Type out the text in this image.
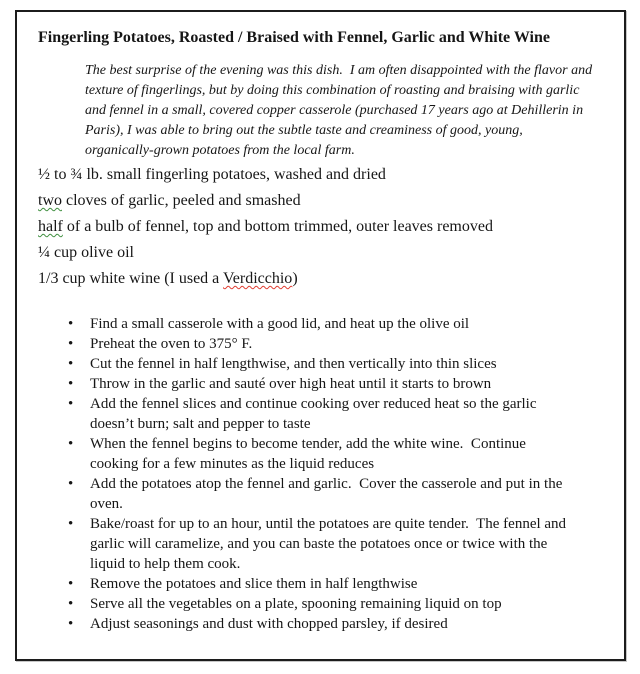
Fingerling Potatoes, Roasted / Braised with Fennel, Garlic and White Wine

The best surprise of the evening was this dish.  I am often disappointed with the flavor and texture of fingerlings, but by doing this combination of roasting and braising with garlic and fennel in a small, covered copper casserole (purchased 17 years ago at Dehillerin in Paris), I was able to bring out the subtle taste and creaminess of good, young, organically-grown potatoes from the local farm.

½ to ¾ lb. small fingerling potatoes, washed and dried
two cloves of garlic, peeled and smashed
half of a bulb of fennel, top and bottom trimmed, outer leaves removed
¼ cup olive oil
1/3 cup white wine (I used a Verdicchio)
• Find a small casserole with a good lid, and heat up the olive oil
• Preheat the oven to 375° F.
• Cut the fennel in half lengthwise, and then vertically into thin slices
• Throw in the garlic and sauté over high heat until it starts to brown
• Add the fennel slices and continue cooking over reduced heat so the garlic doesn’t burn; salt and pepper to taste
• When the fennel begins to become tender, add the white wine.  Continue cooking for a few minutes as the liquid reduces
• Add the potatoes atop the fennel and garlic.  Cover the casserole and put in the oven.
• Bake/roast for up to an hour, until the potatoes are quite tender.  The fennel and garlic will caramelize, and you can baste the potatoes once or twice with the liquid to help them cook.
• Remove the potatoes and slice them in half lengthwise
• Serve all the vegetables on a plate, spooning remaining liquid on top
• Adjust seasonings and dust with chopped parsley, if desired
